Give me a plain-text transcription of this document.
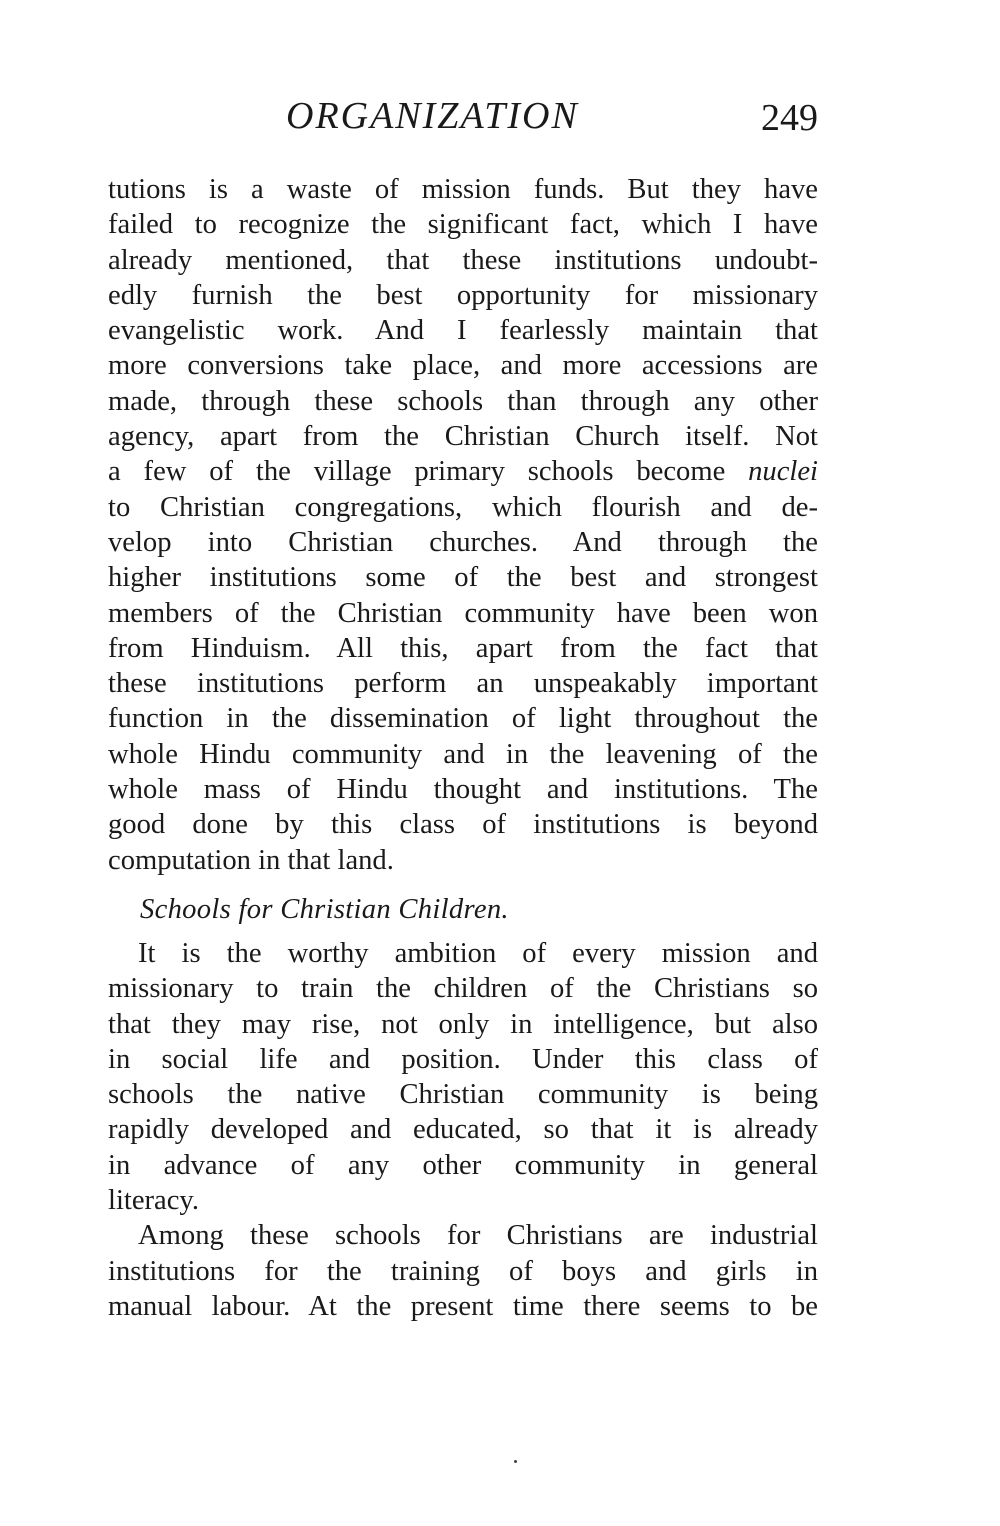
ORGANIZATION	249
tutions is a waste of mission funds. But they have
failed to recognize the significant fact, which I have
already mentioned, that these institutions undoubt-
edly furnish the best opportunity for missionary
evangelistic work. And I fearlessly maintain that
more conversions take place, and more accessions are
made, through these schools than through any other
agency, apart from the Christian Church itself. Not
a few of the village primary schools become nuclei
to Christian congregations, which flourish and de-
velop into Christian churches. And through the
higher institutions some of the best and strongest
members of the Christian community have been won
from Hinduism. All this, apart from the fact that
these institutions perform an unspeakably important
function in the dissemination of light throughout the
whole Hindu community and in the leavening of the
whole mass of Hindu thought and institutions. The
good done by this class of institutions is beyond
computation in that land.
Schools for Christian Children.
It is the worthy ambition of every mission and
missionary to train the children of the Christians so
that they may rise, not only in intelligence, but also
in social life and position. Under this class of
schools the native Christian community is being
rapidly developed and educated, so that it is already
in advance of any other community in general
literacy.
Among these schools for Christians are industrial
institutions for the training of boys and girls in
manual labour. At the present time there seems to be
